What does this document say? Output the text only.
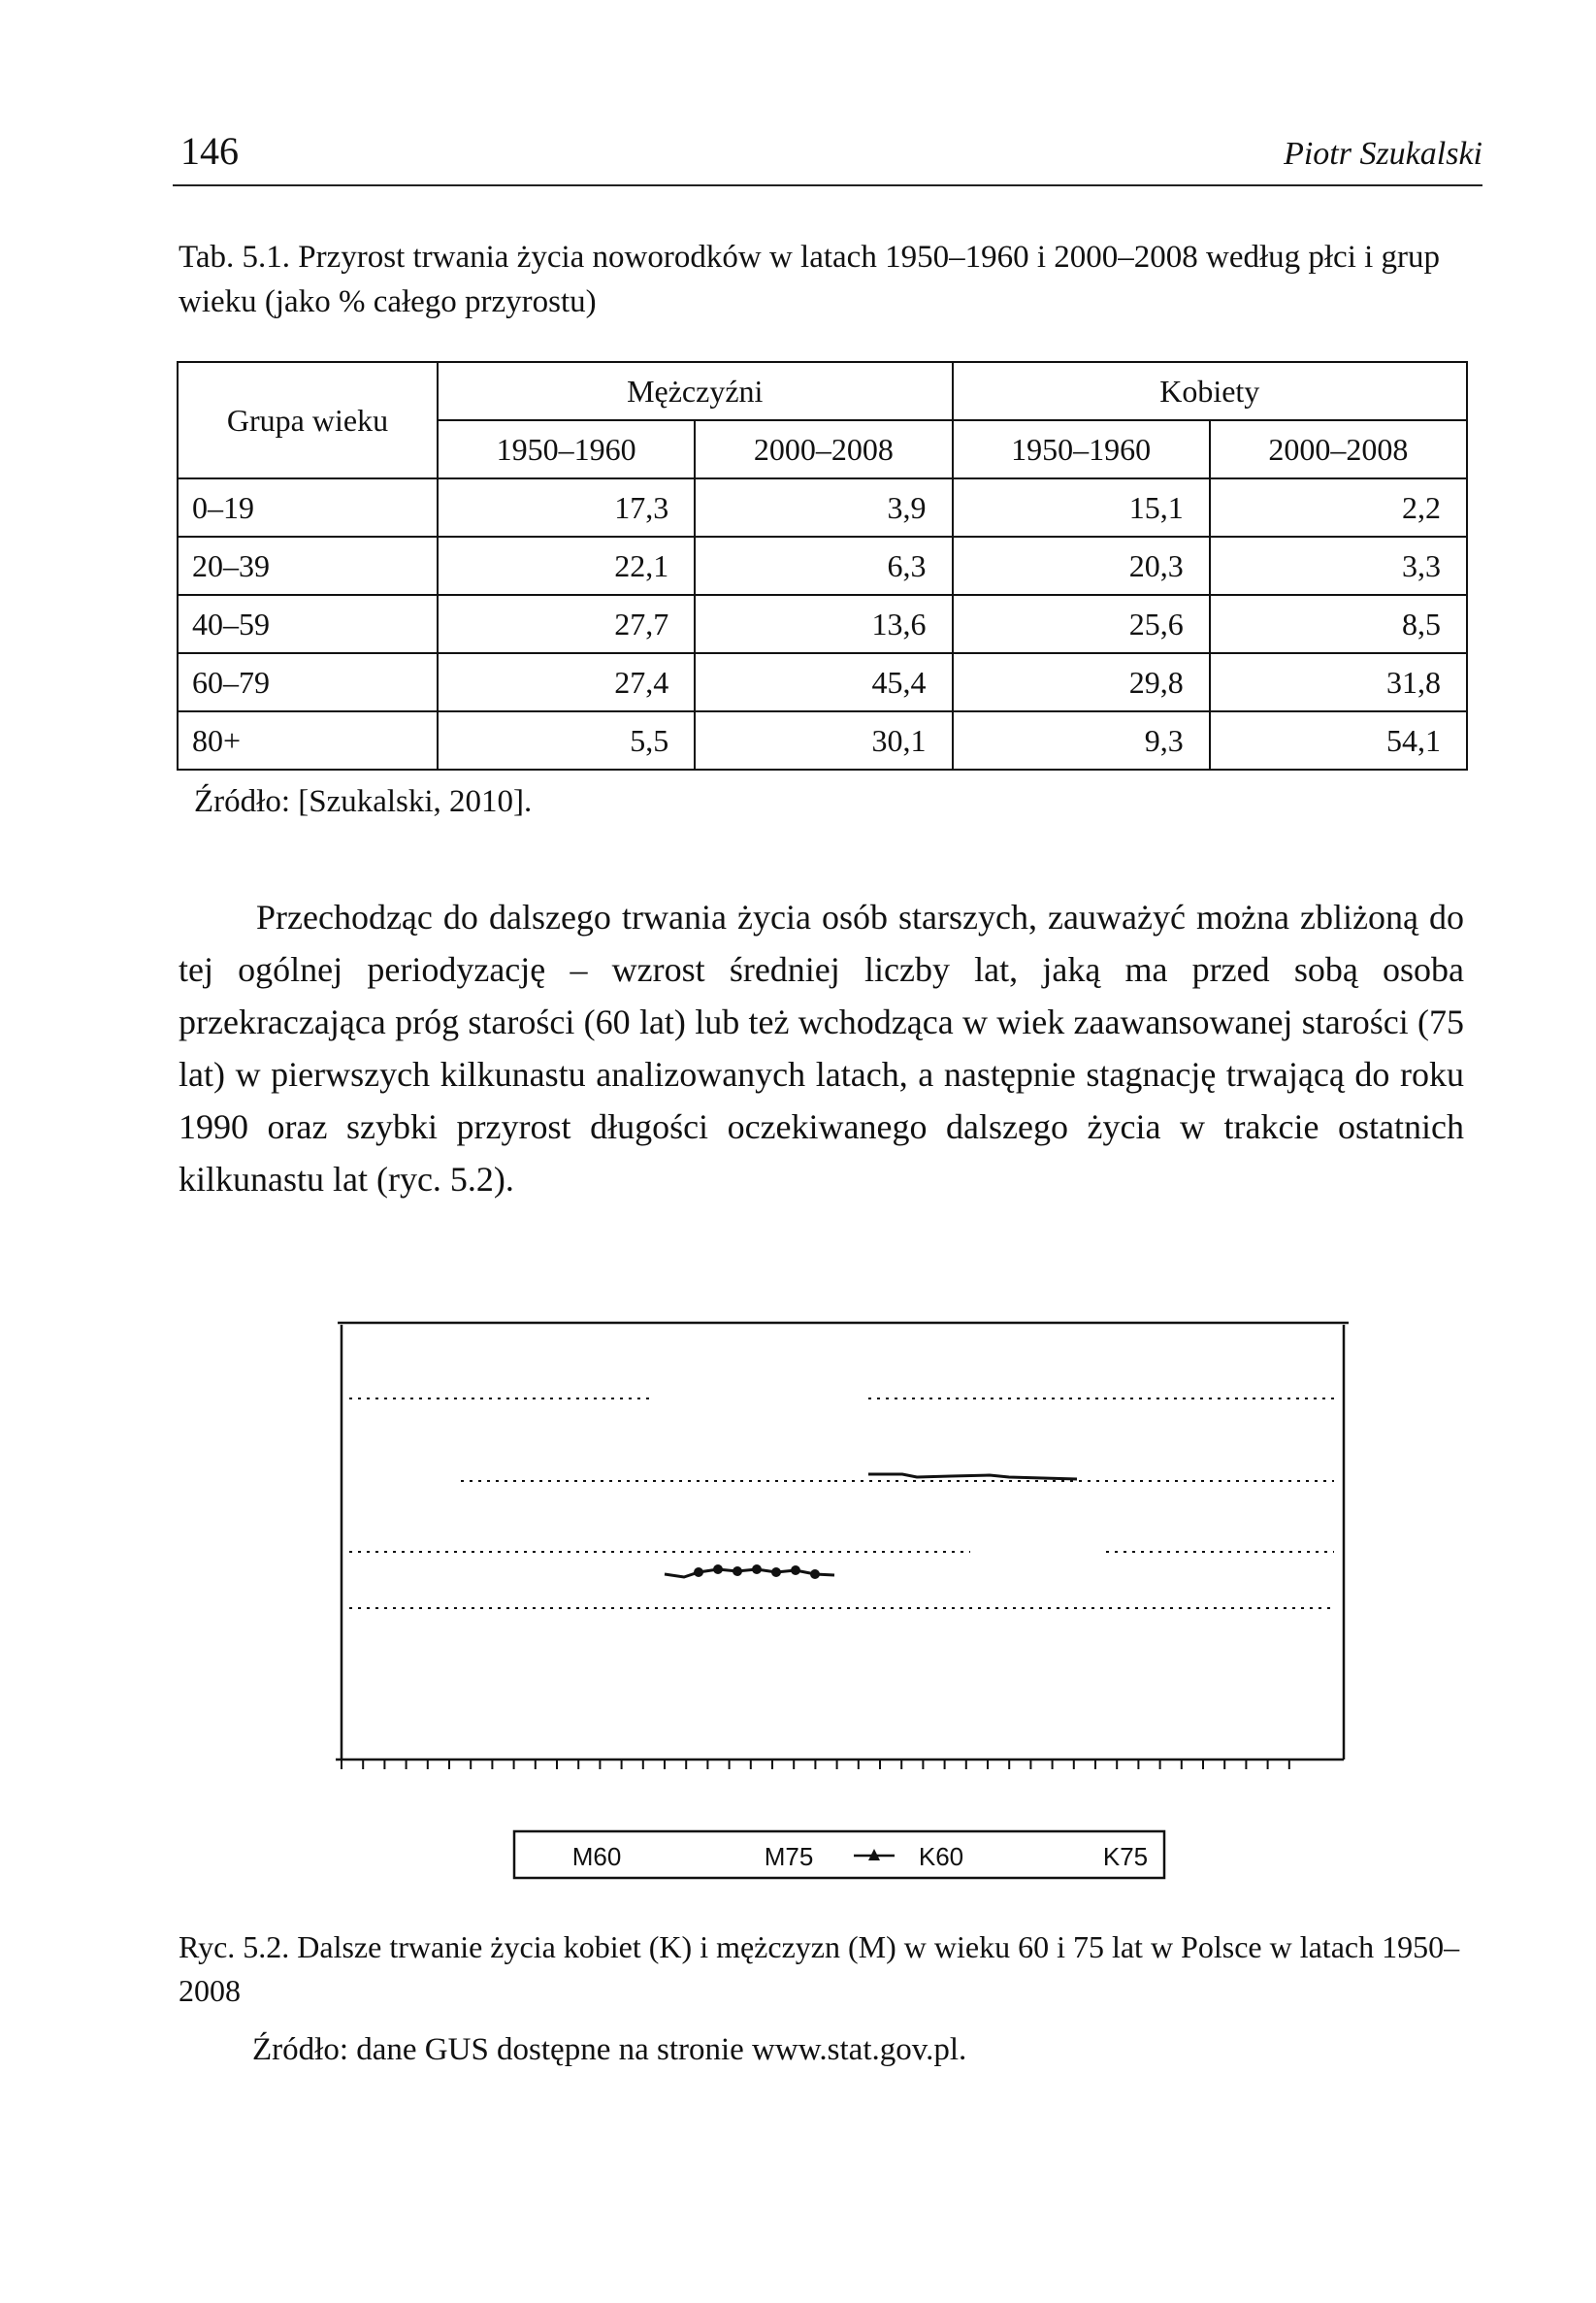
146	Piotr Szukalski
Tab. 5.1. Przyrost trwania życia noworodków w latach 1950–1960 i 2000–2008 według płci i grup wieku (jako % całego przyrostu)
Grupa wieku	Mężczyźni		Kobiety	
	1950–1960	2000–2008	1950–1960	2000–2008
0–19	17,3	3,9	15,1	2,2
20–39	22,1	6,3	20,3	3,3
40–59	27,7	13,6	25,6	8,5
60–79	27,4	45,4	29,8	31,8
80+	5,5	30,1	9,3	54,1
Źródło: [Szukalski, 2010].

Przechodząc do dalszego trwania życia osób starszych, zauważyć można zbliżoną do tej ogólnej periodyzację – wzrost średniej liczby lat, jaką ma przed sobą osoba przekraczająca próg starości (60 lat) lub też wchodząca w wiek zaawansowanej starości (75 lat) w pierwszych kilkunastu analizowanych latach, a następnie stagnację trwającą do roku 1990 oraz szybki przyrost długości oczekiwanego dalszego życia w trakcie ostatnich kilkunastu lat (ryc. 5.2).

M60	M75	K60	K75
Ryc. 5.2. Dalsze trwanie życia kobiet (K) i mężczyzn (M) w wieku 60 i 75 lat w Polsce w latach 1950–2008
Źródło: dane GUS dostępne na stronie www.stat.gov.pl.
